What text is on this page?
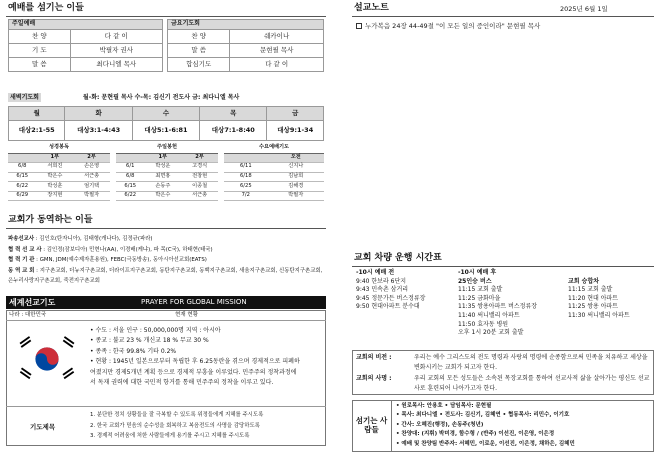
예배를 섬기는 이들
주일예배	
찬 양	다 같 이
기 도	박필자 권사
말 씀	최다니엘 목사
금요기도회	
찬 양	쉐카이나
말 씀	문현필 목사
합심기도	다 같 이
새벽기도회	월-화: 문현필 목사 수-목: 김신기 전도사 금: 최다니엘 목사
월	화	수	목	금
대상2:1-55	대상3:1-4:43	대상5:1-6:81	대상7:1-8:40	대상9:1-34
성경봉독		
	1부	2부
6/8	서희진	손은영
6/15	박은수	서근총
6/22	박성훈	엄기택
6/29	장지현	박필자
주일봉헌		
	1부	2부
6/1	박성운	고경식
6/8	최면홍	전창현
6/15	손동주	이종철
6/22	박은수	서근총
수요예배기도	
	오전
6/11	신지나
6/18	김남희
6/25	김해경
7/2	박필자
교회가 동역하는 이들
파송선교사 : 김인호(탄자니아), 김태형(캐나다), 김정규(파라)
협 력 선 교 사 : 김인정(잠보디아) 민현나(AA), 이경배(케냐), 파 목(C국), 하태현(태국)
협 력 기 관 : GMN, JDM(예수제자훈용원), FEBC(극동방송), 동아시아선교회(EATS)
동 역 교 회 : 지구촌교회, 더뉴지구촌교회, 더라이프지구촌교회, 동탄지구촌교회, 동백지구촌교회, 새움지구촌교회, 신동탄지구촌교회, 은누리사랑지구촌교회, 죽전지구촌교회
세계선교기도	PRAYER FOR GLOBAL MISSION
나라 : 대한민국	현재 현황
• 수도 : 서울 인구 : 50,000,000명 지역 : 아시아
• 종교 : 불교 23 % 개신교 18 % 무교 30 %
• 종족 : 한국 99.8% 기타 0.2%
• 현황 : 1945년 일본으로부터 독립한 후 6.25동란을 겪으며 경제적으로 피폐하여졌지만 경제5개년 계획 등으로 경제적 부흥을 이루었다. 민주주의 정착과정에서 독재 권력에 대한 국민적 항거를 통해 민주주의 정착을 이루고 있다.
기도제목
1. 분단한 정치 상황들을 잘 극복할 수 있도록 위정들에게 지혜를 주시도록
2. 한국 교회가 믿음의 순수성을 회복하고 복음전도의 사명을 감당하도록
3. 경제적 어려움에 처한 사람들에게 용기를 주시고 지혜를 주시도록
설교노트	2025년 6월 1일
누가복음 24장 44-49절 "이 모든 일의 증인이라" 문현필 목사
교회 차량 운행 시간표
-10시 예배 전
9:40 한보라 6단지
9:43 민속촌 삼거리
9:45 정문가든 버스정류장
9:50 현대아파트 분수대
-10시 예배 후
25인승 버스
11:15 교회 출발
11:25 금화마을
11:35 쌍용아파트 버스정류장
11:40 써니밸리 아파트
11:50 효자동 병원
오후 1시 20분 교회 출발
교회 승합차
11:15 교회 출발
11:20 현대 아파트
11:25 쌍용 아파트
11:30 써니밸리 아파트
교회의 비전 :	우리는 예수 그리스도의 전도 명령과 사랑의 명령에 순종함으로써 민족을 치유하고 세상을 변화시키는 교회가 되고자 한다.
교회의 사명 :	우리 교회의 모든 성도들은 소속된 목장교회를 통하여 선교사적 삶을 살아가는 평신도 선교사로 훈련되어 나아가고자 한다.
섬기는 사람들
• 원로목사: 안용호 • 담임목사: 문현필
• 목사: 최다니엘 • 전도사: 김신기, 김혜연 • 협동목사: 리민수, 이기호
• 간사: 오혜진(행정), 손동주(청년)
• 찬양대: (지휘) 박미경, 함수형 / (반주) 이선진, 이은영, 이은정
• 예배 및 찬양팀 반주자: 서혜민, 이로운, 이선진, 이은정, 채하은, 김혜민
